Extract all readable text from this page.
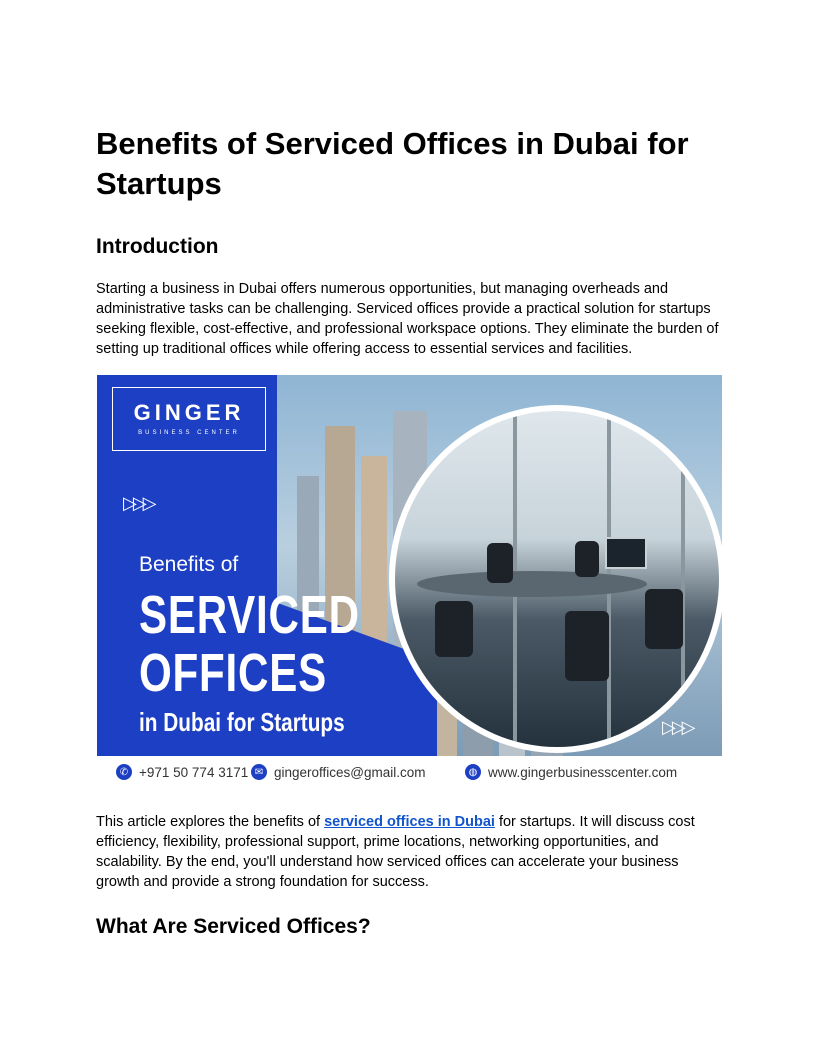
Benefits of Serviced Offices in Dubai for Startups
Introduction

Starting a business in Dubai offers numerous opportunities, but managing overheads and administrative tasks can be challenging. Serviced offices provide a practical solution for startups seeking flexible, cost-effective, and professional workspace options. They eliminate the burden of setting up traditional offices while offering access to essential services and facilities.

GINGER
BUSINESS CENTER
▷▷▷
Benefits of
SERVICED
OFFICES
in Dubai for Startups	▷▷▷
✆ +971 50 774 3171 ✉ gingeroffices@gmail.com	◍ www.gingerbusinesscenter.com

This article explores the benefits of serviced offices in Dubai for startups. It will discuss cost efficiency, flexibility, professional support, prime locations, networking opportunities, and scalability. By the end, you'll understand how serviced offices can accelerate your business growth and provide a strong foundation for success.

What Are Serviced Offices?
